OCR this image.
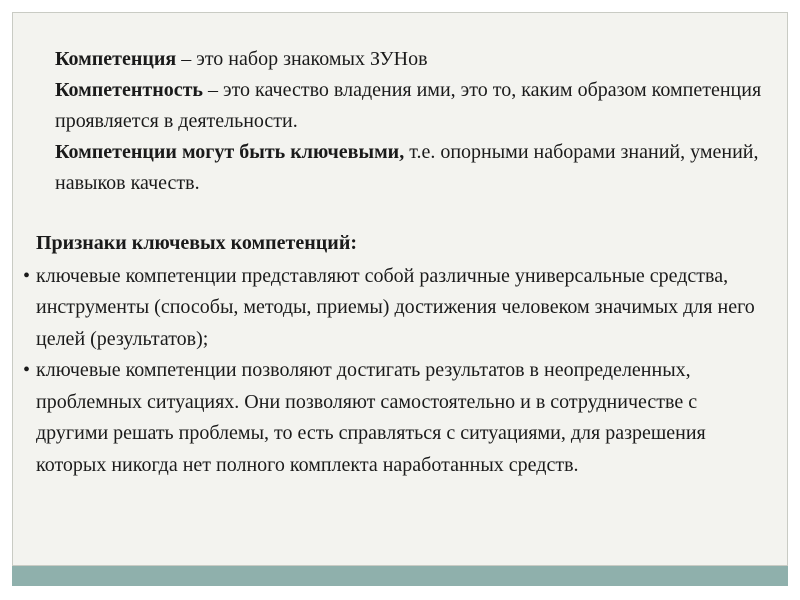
Компетенция – это набор знакомых ЗУНов

Компетентность – это качество владения ими, это то, каким образом компетенция проявляется в деятельности.

Компетенции могут быть ключевыми, т.е. опорными наборами знаний, умений, навыков качеств.

Признаки ключевых компетенций:

• ключевые компетенции представляют собой различные универсальные средства, инструменты (способы, методы, приемы) достижения человеком значимых для него целей (результатов);

• ключевые компетенции позволяют достигать результатов в неопределенных, проблемных ситуациях. Они позволяют самостоятельно и в сотрудничестве с другими решать проблемы, то есть справляться с ситуациями, для разрешения которых никогда нет полного комплекта наработанных средств.
